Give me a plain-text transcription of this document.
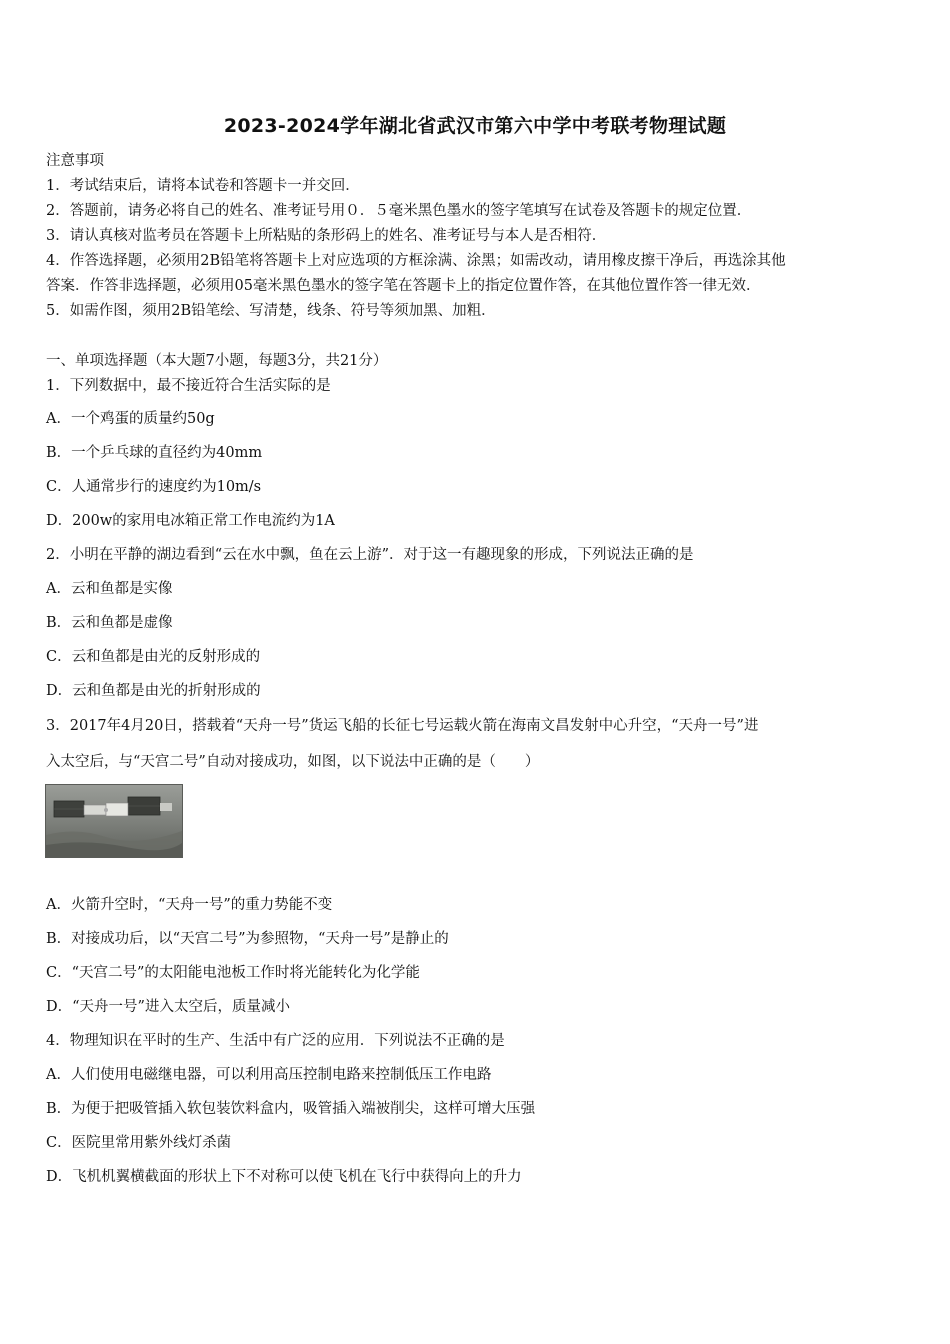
2023-2024学年湖北省武汉市第六中学中考联考物理试题
注意事项
1．考试结束后，请将本试卷和答题卡一并交回．
2．答题前，请务必将自己的姓名、准考证号用０．５毫米黑色墨水的签字笔填写在试卷及答题卡的规定位置．
3．请认真核对监考员在答题卡上所粘贴的条形码上的姓名、准考证号与本人是否相符．
4．作答选择题，必须用2B铅笔将答题卡上对应选项的方框涂满、涂黑；如需改动，请用橡皮擦干净后，再选涂其他
答案．作答非选择题，必须用05毫米黑色墨水的签字笔在答题卡上的指定位置作答，在其他位置作答一律无效．
5．如需作图，须用2B铅笔绘、写清楚，线条、符号等须加黑、加粗．
一、单项选择题（本大题7小题，每题3分，共21分）
1．下列数据中，最不接近符合生活实际的是
A．一个鸡蛋的质量约50g
B．一个乒乓球的直径约为40mm
C．人通常步行的速度约为10m/s
D．200w的家用电冰箱正常工作电流约为1A
2．小明在平静的湖边看到“云在水中飘，鱼在云上游”．对于这一有趣现象的形成，下列说法正确的是
A．云和鱼都是实像
B．云和鱼都是虚像
C．云和鱼都是由光的反射形成的
D．云和鱼都是由光的折射形成的
3．2017年4月20日，搭载着“天舟一号”货运飞船的长征七号运载火箭在海南文昌发射中心升空，“天舟一号”进
入太空后，与“天宫二号”自动对接成功，如图，以下说法中正确的是（　　）
A．火箭升空时，“天舟一号”的重力势能不变
B．对接成功后，以“天宫二号”为参照物，“天舟一号”是静止的
C．“天宫二号”的太阳能电池板工作时将光能转化为化学能
D．“天舟一号”进入太空后，质量减小
4．物理知识在平时的生产、生活中有广泛的应用．下列说法不正确的是
A．人们使用电磁继电器，可以利用高压控制电路来控制低压工作电路
B．为便于把吸管插入软包装饮料盒内，吸管插入端被削尖，这样可增大压强
C．医院里常用紫外线灯杀菌
D．飞机机翼横截面的形状上下不对称可以使飞机在飞行中获得向上的升力
